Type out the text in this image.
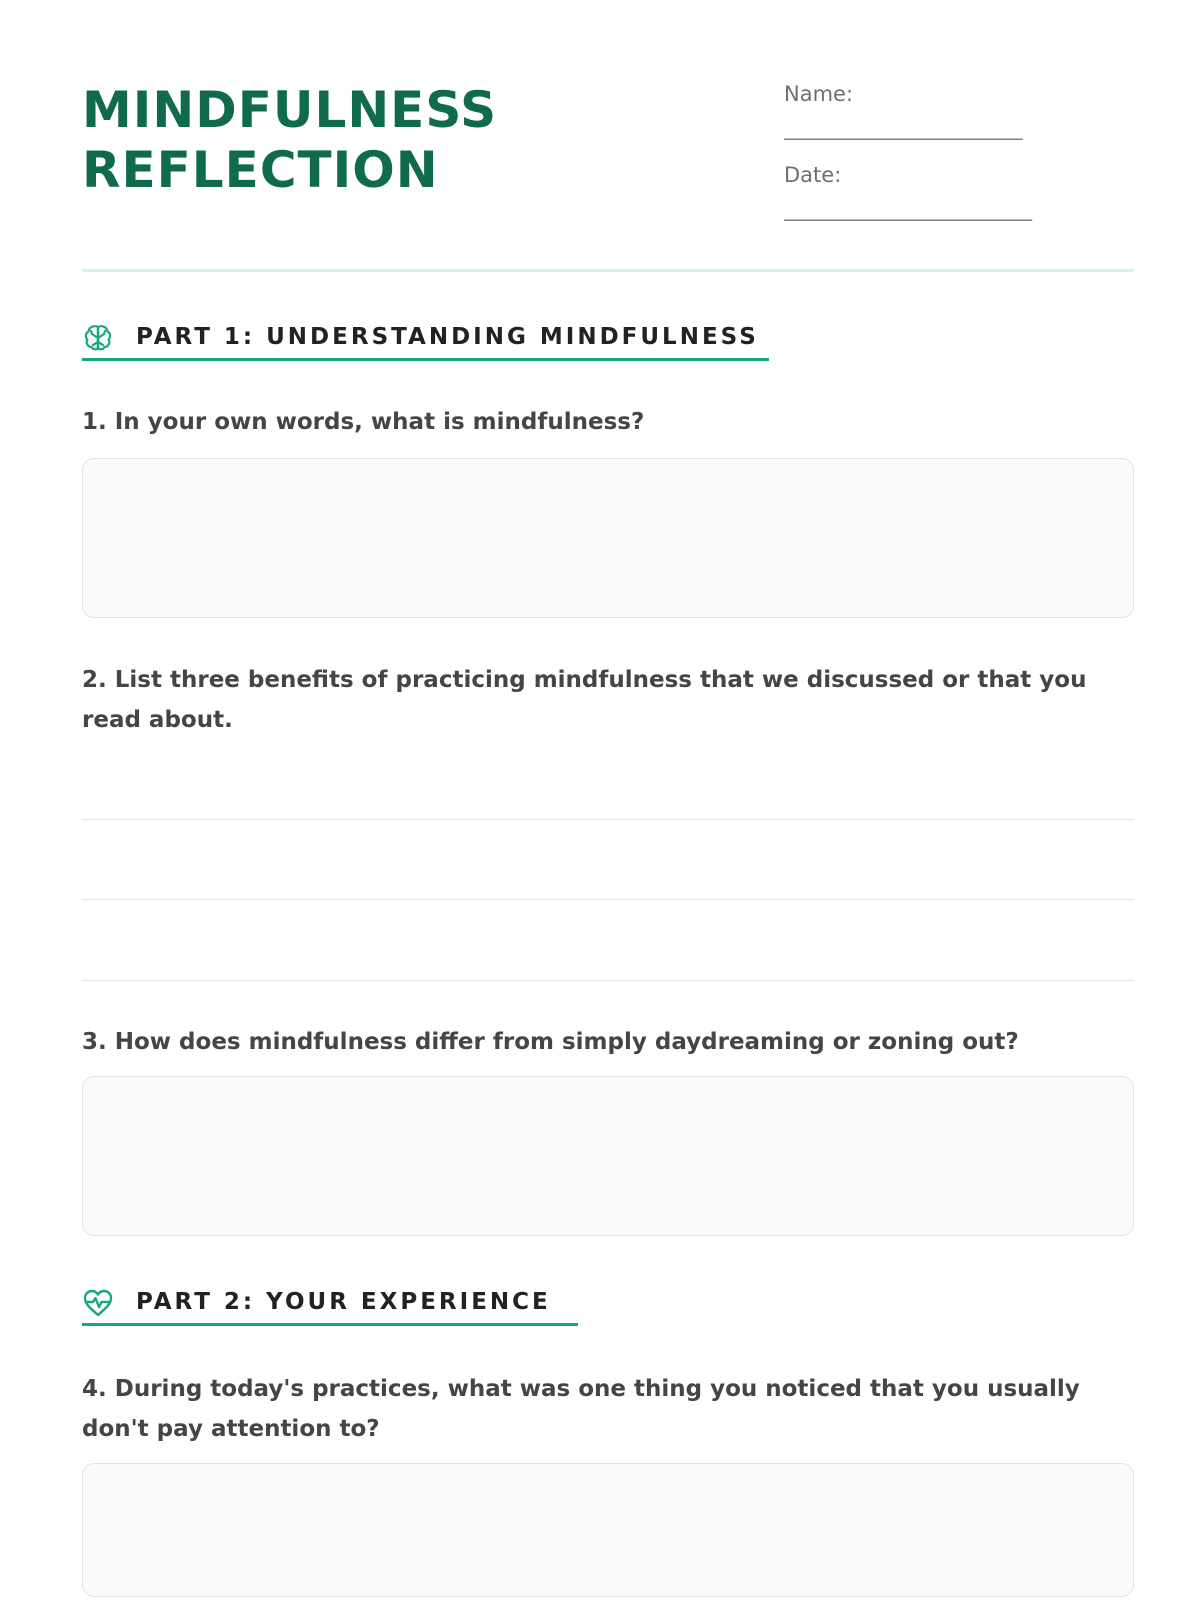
MINDFULNESS
REFLECTION
Name:
_________________________
Date:
__________________________
PART 1: UNDERSTANDING MINDFULNESS

1. In your own words, what is mindfulness?

2. List three benefits of practicing mindfulness that we discussed or that you read about.

3. How does mindfulness differ from simply daydreaming or zoning out?

PART 2: YOUR EXPERIENCE

4. During today's practices, what was one thing you noticed that you usually don't pay attention to?
